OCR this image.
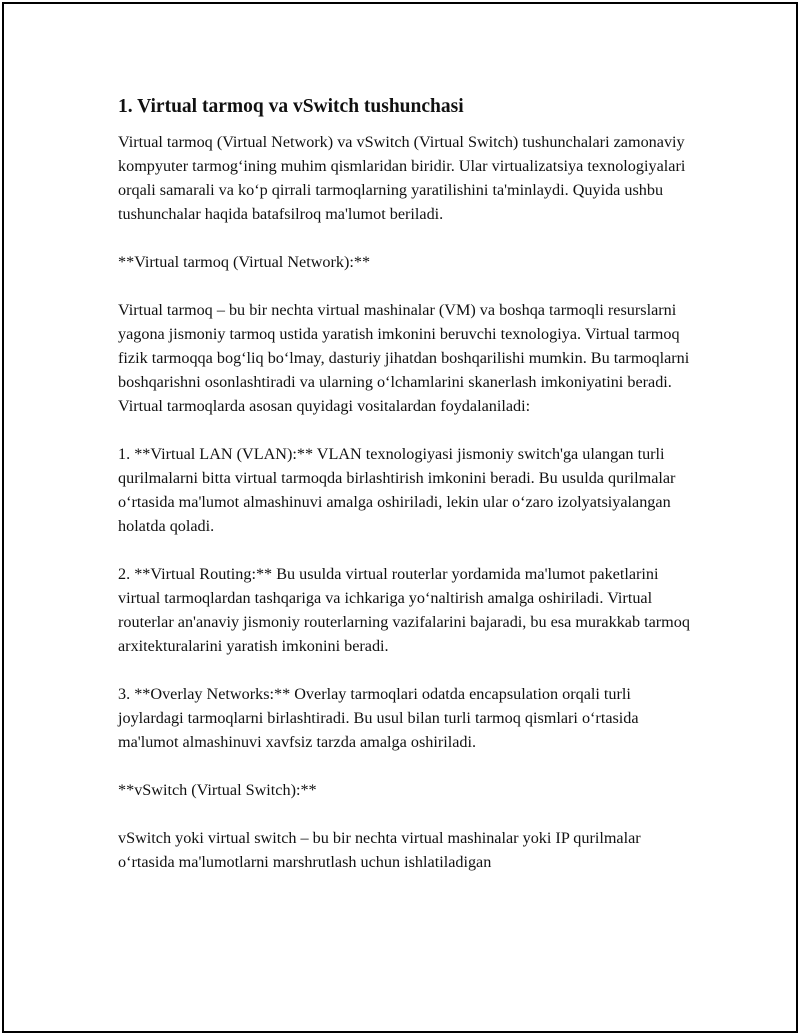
1. Virtual tarmoq va vSwitch tushunchasi

Virtual tarmoq (Virtual Network) va vSwitch (Virtual Switch) tushunchalari zamonaviy kompyuter tarmog‘ining muhim qismlaridan biridir. Ular virtualizatsiya texnologiyalari orqali samarali va ko‘p qirrali tarmoqlarning yaratilishini ta'minlaydi. Quyida ushbu tushunchalar haqida batafsilroq ma'lumot beriladi.

**Virtual tarmoq (Virtual Network):**

Virtual tarmoq – bu bir nechta virtual mashinalar (VM) va boshqa tarmoqli resurslarni yagona jismoniy tarmoq ustida yaratish imkonini beruvchi texnologiya. Virtual tarmoq fizik tarmoqqa bog‘liq bo‘lmay, dasturiy jihatdan boshqarilishi mumkin. Bu tarmoqlarni boshqarishni osonlashtiradi va ularning o‘lchamlarini skanerlash imkoniyatini beradi. Virtual tarmoqlarda asosan quyidagi vositalardan foydalaniladi:

1. **Virtual LAN (VLAN):** VLAN texnologiyasi jismoniy switch'ga ulangan turli qurilmalarni bitta virtual tarmoqda birlashtirish imkonini beradi. Bu usulda qurilmalar o‘rtasida ma'lumot almashinuvi amalga oshiriladi, lekin ular o‘zaro izolyatsiyalangan holatda qoladi.

2. **Virtual Routing:** Bu usulda virtual routerlar yordamida ma'lumot paketlarini virtual tarmoqlardan tashqariga va ichkariga yo‘naltirish amalga oshiriladi. Virtual routerlar an'anaviy jismoniy routerlarning vazifalarini bajaradi, bu esa murakkab tarmoq arxitekturalarini yaratish imkonini beradi.

3. **Overlay Networks:** Overlay tarmoqlari odatda encapsulation orqali turli joylardagi tarmoqlarni birlashtiradi. Bu usul bilan turli tarmoq qismlari o‘rtasida ma'lumot almashinuvi xavfsiz tarzda amalga oshiriladi.

**vSwitch (Virtual Switch):**

vSwitch yoki virtual switch – bu bir nechta virtual mashinalar yoki IP qurilmalar o‘rtasida ma'lumotlarni marshrutlash uchun ishlatiladigan
